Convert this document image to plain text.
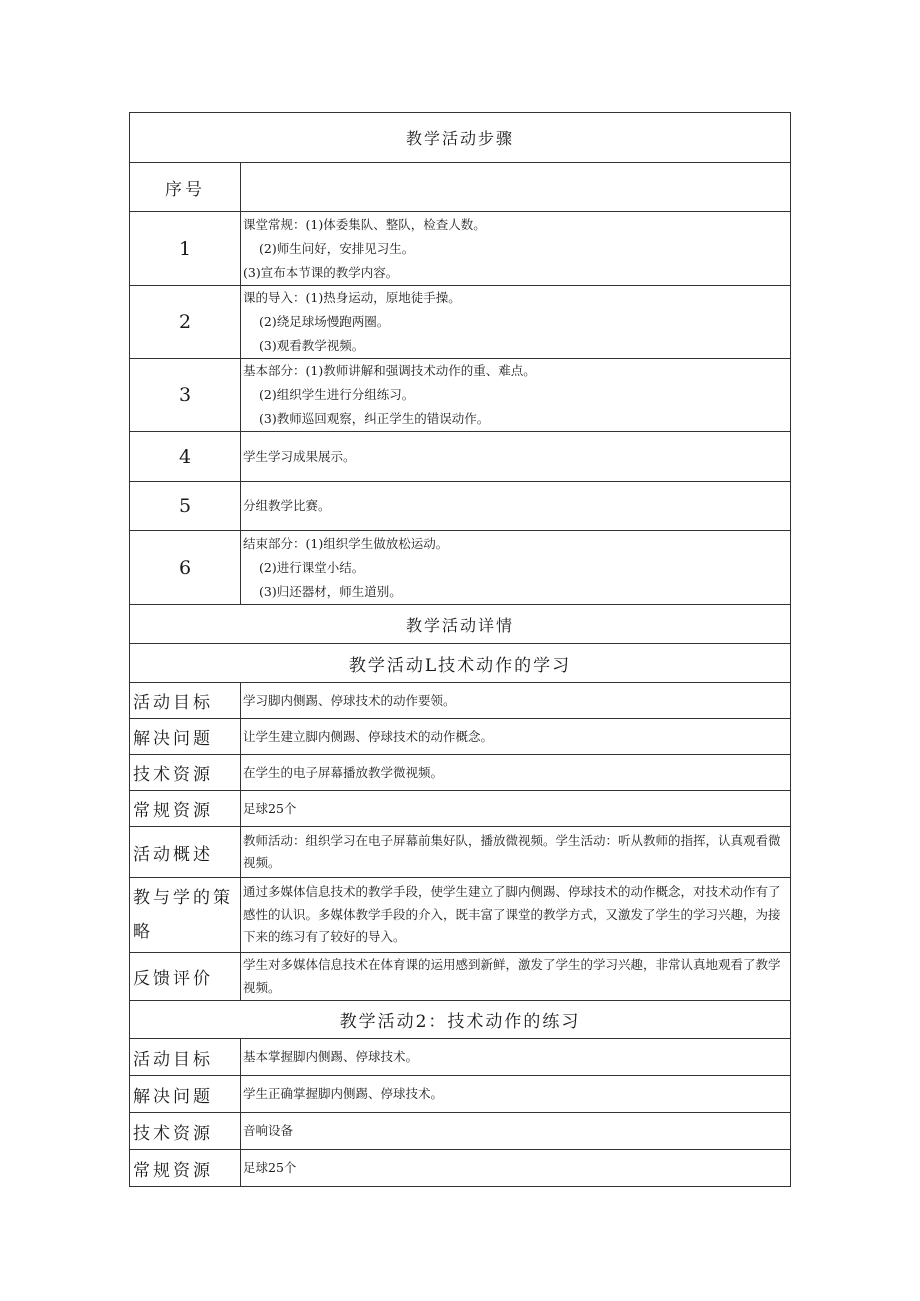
教学活动步骤	
序号	
1	课堂常规：(1)体委集队、整队，检查人数。
(2)师生问好，安排见习生。
(3)宣布本节课的教学内容。

2	课的导入：(1)热身运动，原地徒手操。
(2)绕足球场慢跑两圈。
(3)观看教学视频。

3	基本部分：(1)教师讲解和强调技术动作的重、难点。
(2)组织学生进行分组练习。
(3)教师巡回观察，纠正学生的错误动作。

4	学生学习成果展示。

5	分组教学比赛。

6	结束部分：(1)组织学生做放松运动。
(2)进行课堂小结。
(3)归还器材，师生道别。

教学活动详情	
教学活动L技术动作的学习	
活动目标	学习脚内侧踢、停球技术的动作要领。
解决问题	让学生建立脚内侧踢、停球技术的动作概念。
技术资源	在学生的电子屏幕播放教学微视频。
常规资源	足球25个
活动概述	教师活动：组织学习在电子屏幕前集好队，播放微视频。学生活动：听从教师的指挥，认真观看微视频。
教与学的策略	通过多媒体信息技术的教学手段，使学生建立了脚内侧踢、停球技术的动作概念，对技术动作有了感性的认识。多媒体教学手段的介入，既丰富了课堂的教学方式，又激发了学生的学习兴趣，为接下来的练习有了较好的导入。
反馈评价	学生对多媒体信息技术在体育课的运用感到新鲜，激发了学生的学习兴趣，非常认真地观看了教学视频。
教学活动2：技术动作的练习	
活动目标	基本掌握脚内侧踢、停球技术。
解决问题	学生正确掌握脚内侧踢、停球技术。
技术资源	音响设备
常规资源	足球25个
